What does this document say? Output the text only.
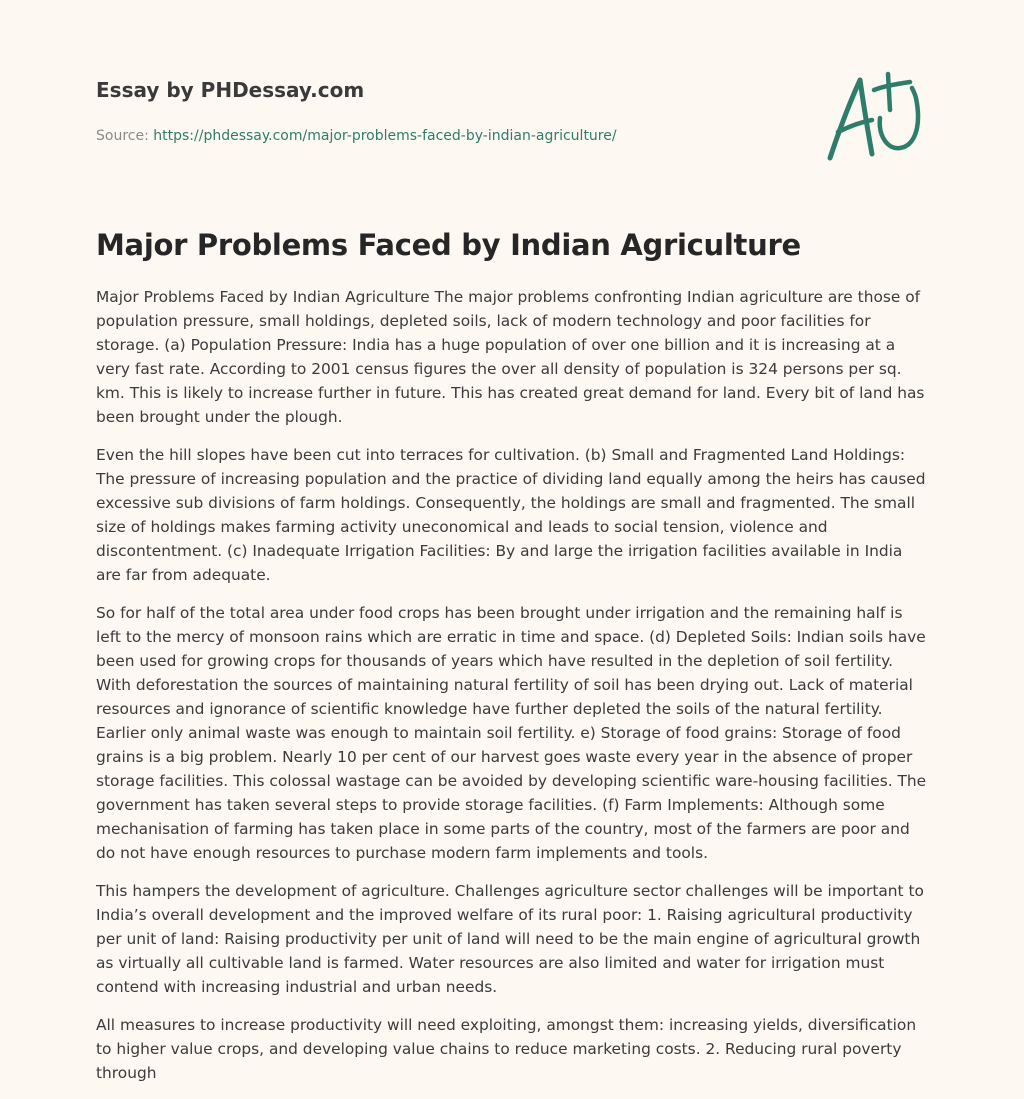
Essay by PHDessay.com
Source: https://phdessay.com/major-problems-faced-by-indian-agriculture/
Major Problems Faced by Indian Agriculture

Major Problems Faced by Indian Agriculture The major problems confronting Indian agriculture are those of population pressure, small holdings, depleted soils, lack of modern technology and poor facilities for storage. (a) Population Pressure: India has a huge population of over one billion and it is increasing at a very fast rate. According to 2001 census figures the over all density of population is 324 persons per sq. km. This is likely to increase further in future. This has created great demand for land. Every bit of land has been brought under the plough.

Even the hill slopes have been cut into terraces for cultivation. (b) Small and Fragmented Land Holdings: The pressure of increasing population and the practice of dividing land equally among the heirs has caused excessive sub divisions of farm holdings. Consequently, the holdings are small and fragmented. The small size of holdings makes farming activity uneconomical and leads to social tension, violence and discontentment. (c) Inadequate Irrigation Facilities: By and large the irrigation facilities available in India are far from adequate.

So for half of the total area under food crops has been brought under irrigation and the remaining half is left to the mercy of monsoon rains which are erratic in time and space. (d) Depleted Soils: Indian soils have been used for growing crops for thousands of years which have resulted in the depletion of soil fertility. With deforestation the sources of maintaining natural fertility of soil has been drying out. Lack of material resources and ignorance of scientific knowledge have further depleted the soils of the natural fertility. Earlier only animal waste was enough to maintain soil fertility. e) Storage of food grains: Storage of food grains is a big problem. Nearly 10 per cent of our harvest goes waste every year in the absence of proper storage facilities. This colossal wastage can be avoided by developing scientific ware-housing facilities. The government has taken several steps to provide storage facilities. (f) Farm Implements: Although some mechanisation of farming has taken place in some parts of the country, most of the farmers are poor and do not have enough resources to purchase modern farm implements and tools.

This hampers the development of agriculture. Challenges agriculture sector challenges will be important to India’s overall development and the improved welfare of its rural poor: 1. Raising agricultural productivity per unit of land: Raising productivity per unit of land will need to be the main engine of agricultural growth as virtually all cultivable land is farmed. Water resources are also limited and water for irrigation must contend with increasing industrial and urban needs.

All measures to increase productivity will need exploiting, amongst them: increasing yields, diversification to higher value crops, and developing value chains to reduce marketing costs. 2. Reducing rural poverty through
